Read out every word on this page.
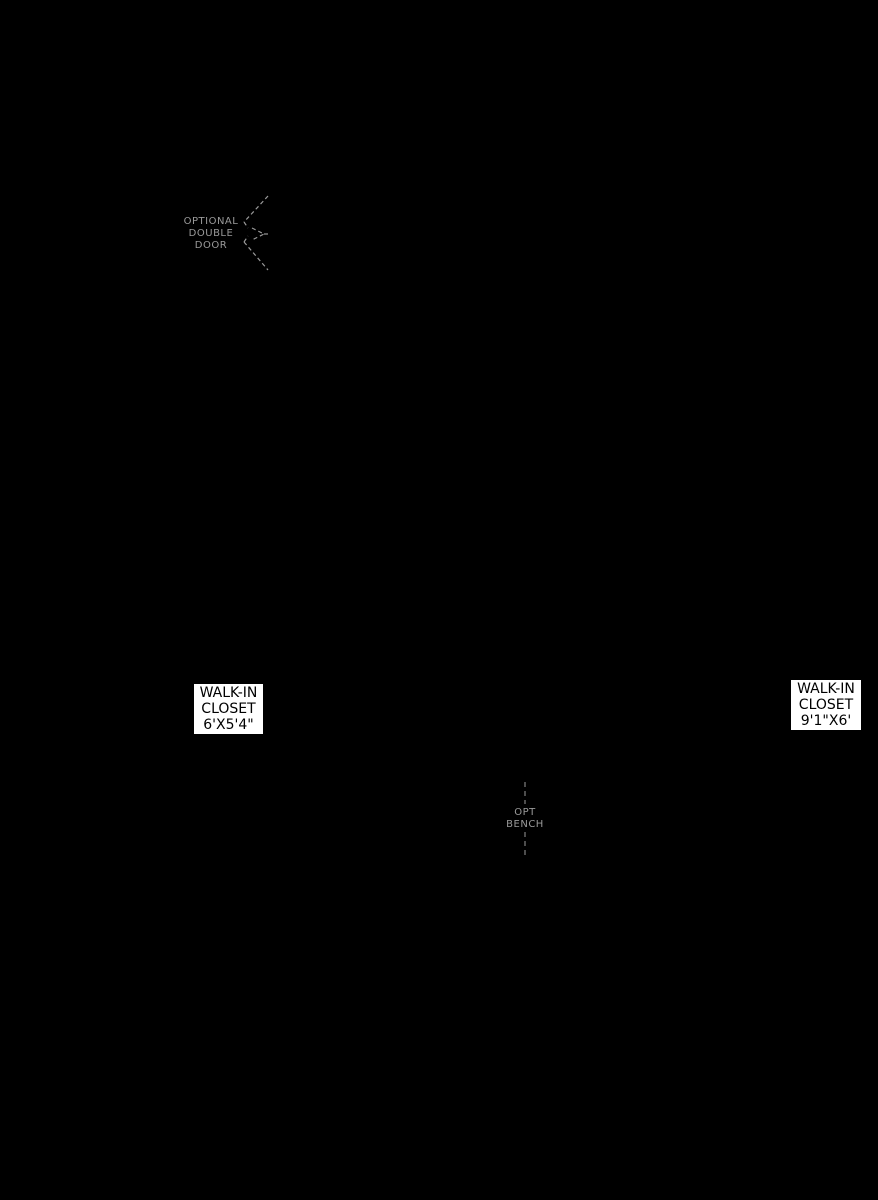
OPTIONAL
DOUBLE
DOOR
WALK-IN
CLOSET
6'X5'4"
WALK-IN
CLOSET
9'1"X6'
OPT
BENCH
